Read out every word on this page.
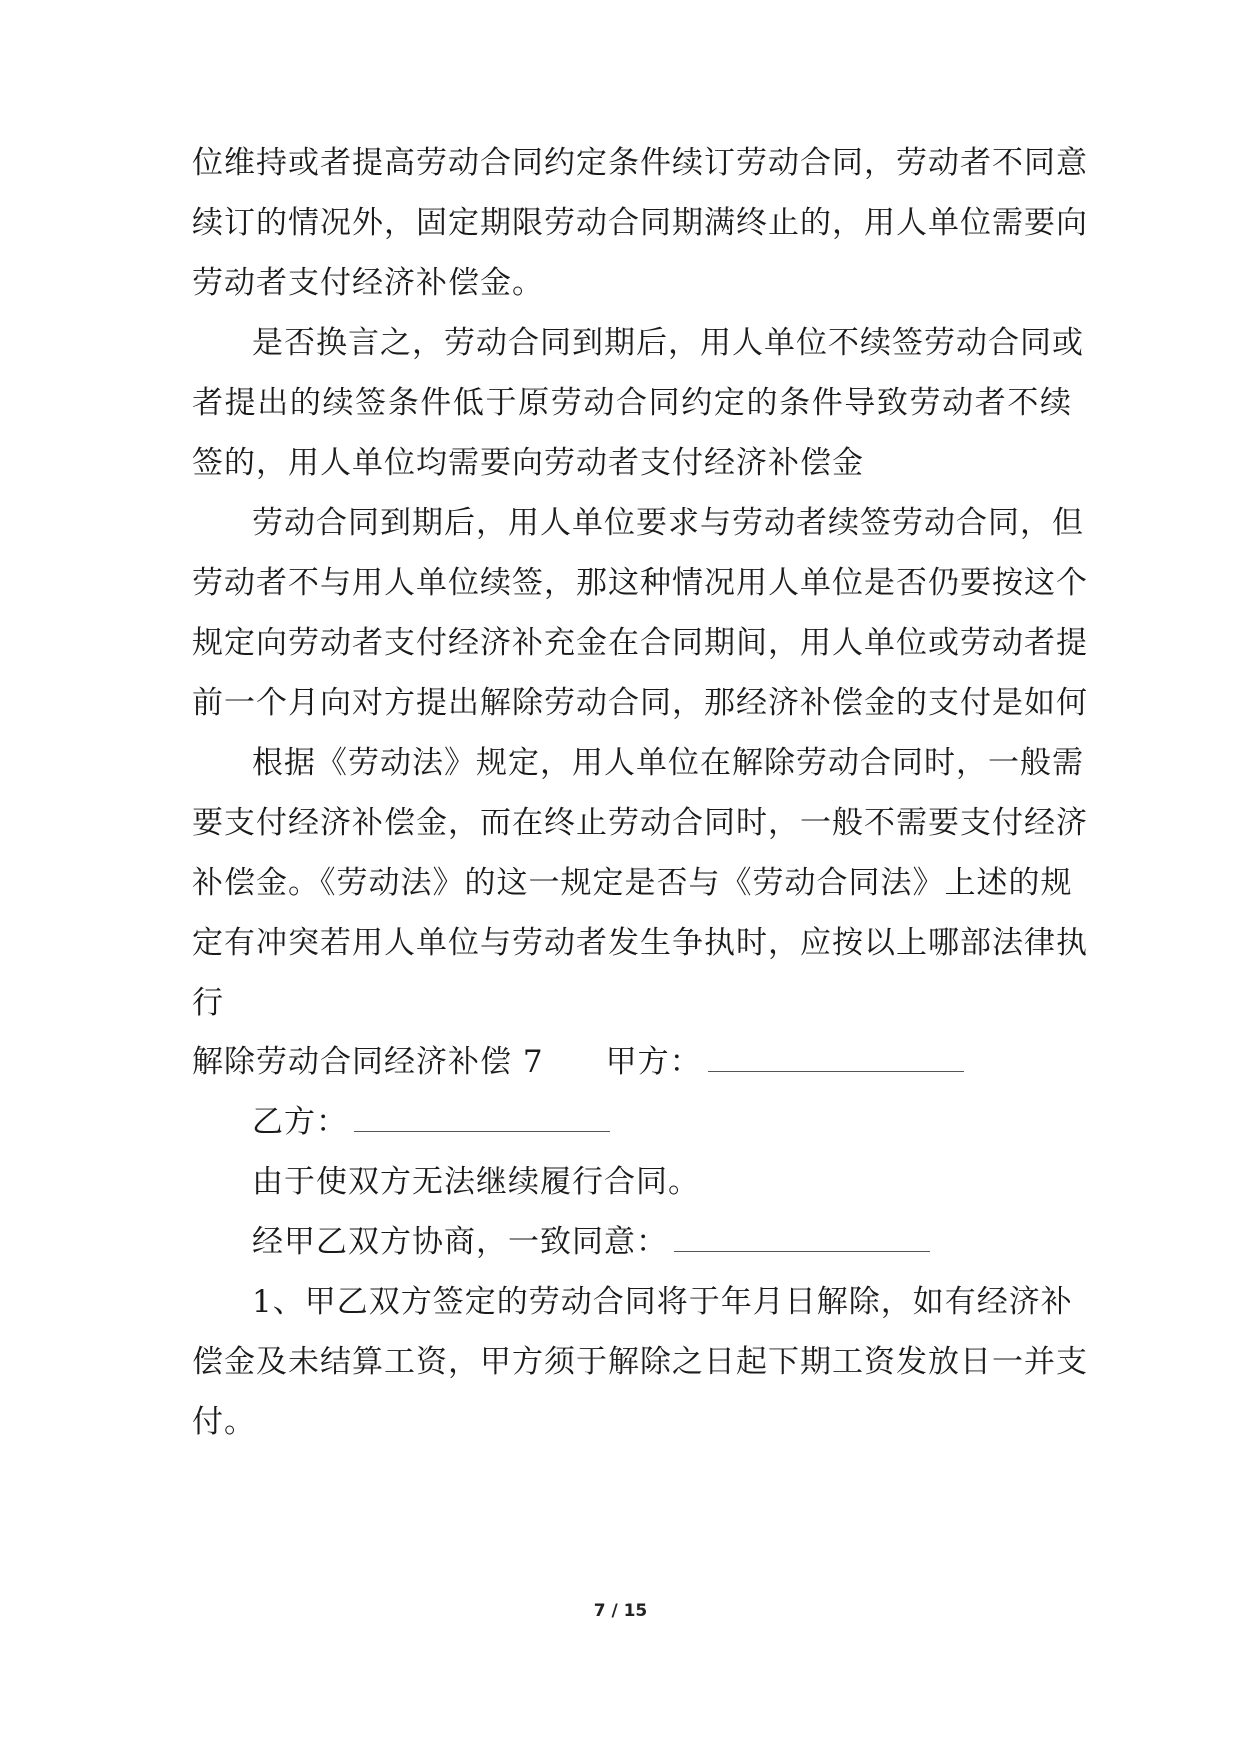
位维持或者提高劳动合同约定条件续订劳动合同，劳动者不同意
续订的情况外，固定期限劳动合同期满终止的，用人单位需要向
劳动者支付经济补偿金。
是否换言之，劳动合同到期后，用人单位不续签劳动合同或
者提出的续签条件低于原劳动合同约定的条件导致劳动者不续
签的，用人单位均需要向劳动者支付经济补偿金
劳动合同到期后，用人单位要求与劳动者续签劳动合同，但
劳动者不与用人单位续签，那这种情况用人单位是否仍要按这个
规定向劳动者支付经济补充金在合同期间，用人单位或劳动者提
前一个月向对方提出解除劳动合同，那经济补偿金的支付是如何
根据《劳动法》规定，用人单位在解除劳动合同时，一般需
要支付经济补偿金，而在终止劳动合同时，一般不需要支付经济
补偿金。《劳动法》的这一规定是否与《劳动合同法》上述的规
定有冲突若用人单位与劳动者发生争执时，应按以上哪部法律执
行
解除劳动合同经济补偿 7 甲方：
乙方：
由于使双方无法继续履行合同。
经甲乙双方协商，一致同意：
1、甲乙双方签定的劳动合同将于年月日解除，如有经济补
偿金及未结算工资，甲方须于解除之日起下期工资发放日一并支
付。
7 / 15
